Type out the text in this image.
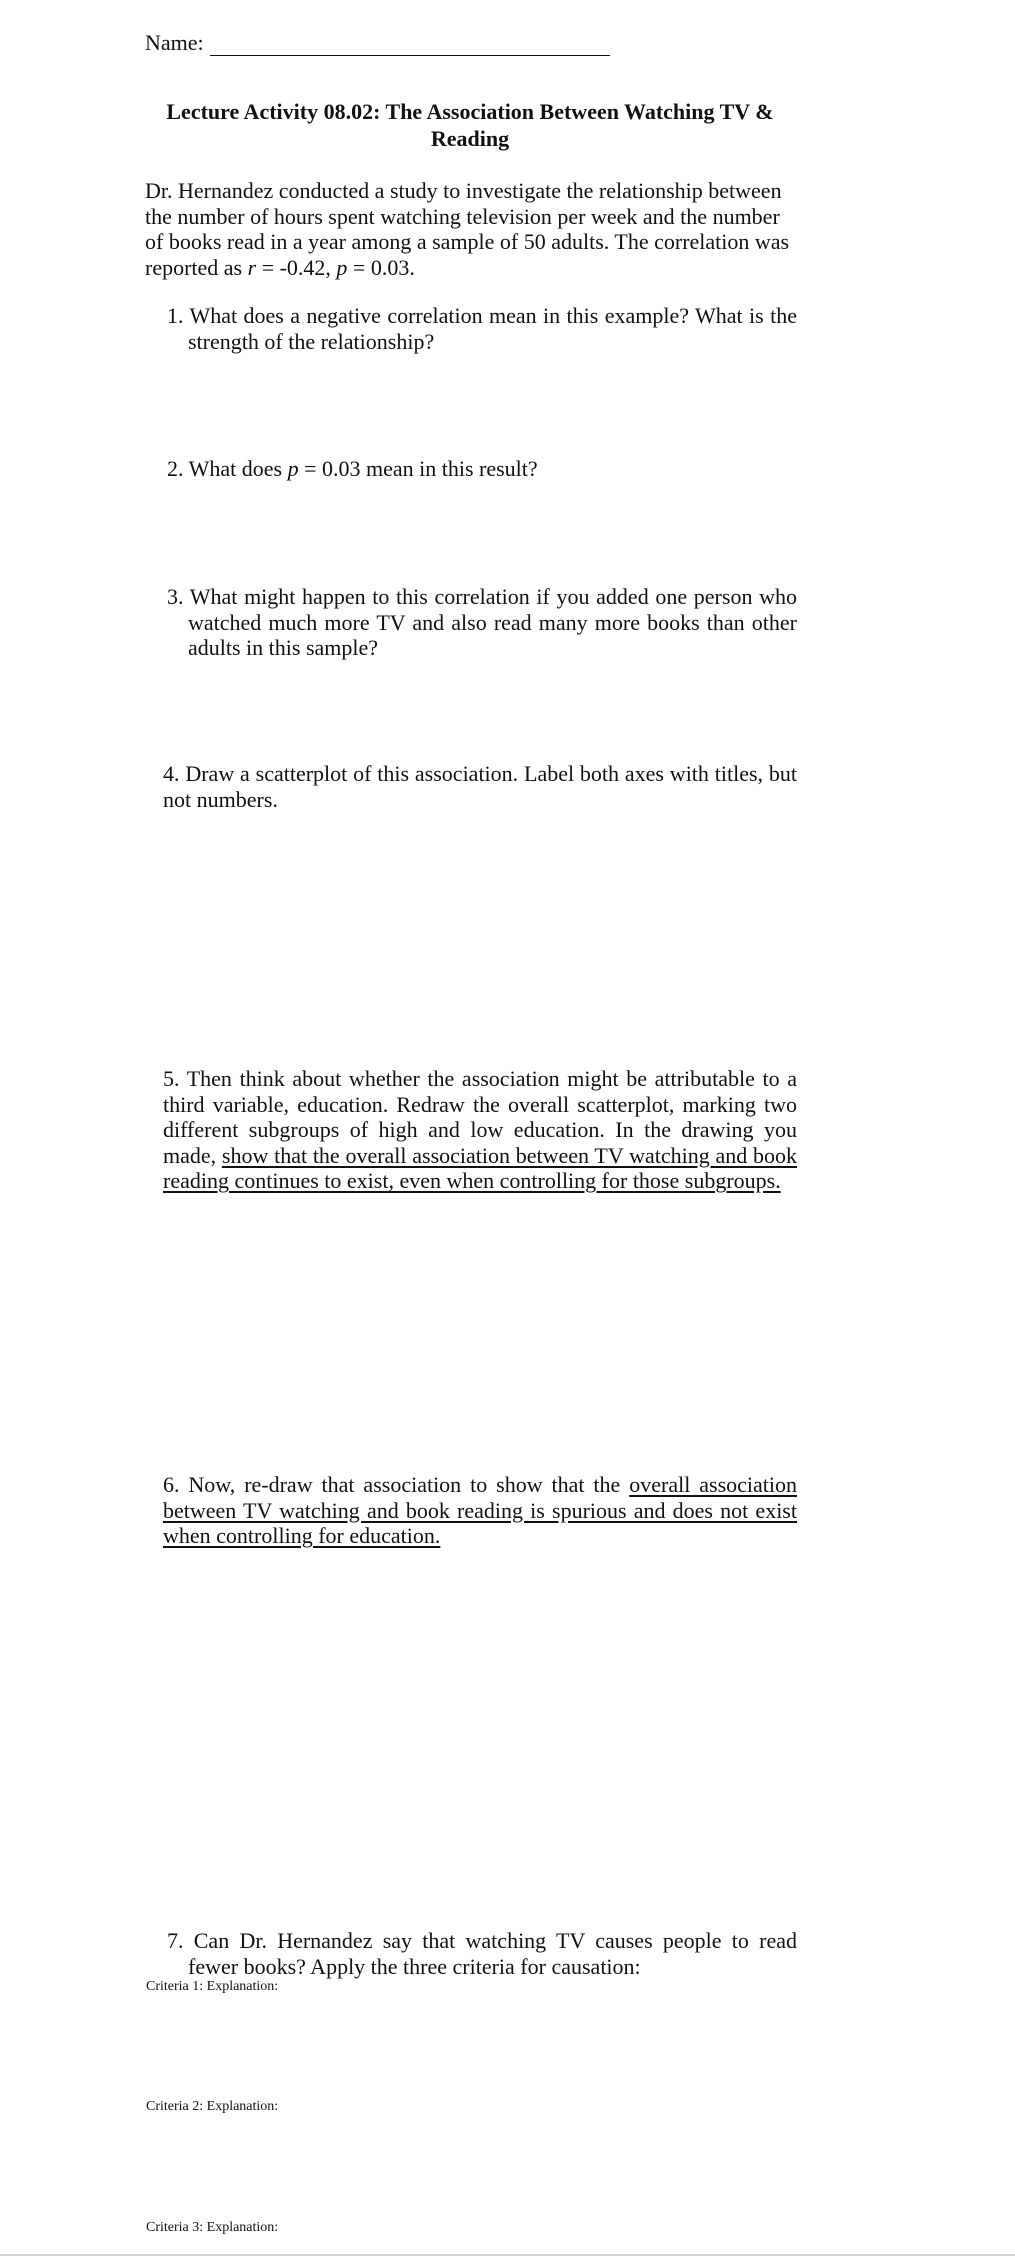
Name:
Lecture Activity 08.02: The Association Between Watching TV & Reading
Dr. Hernandez conducted a study to investigate the relationship between the number of hours spent watching television per week and the number of books read in a year among a sample of 50 adults. The correlation was reported as r = -0.42, p = 0.03.
1. What does a negative correlation mean in this example? What is the strength of the relationship?
2. What does p = 0.03 mean in this result?
3. What might happen to this correlation if you added one person who watched much more TV and also read many more books than other adults in this sample?
4. Draw a scatterplot of this association. Label both axes with titles, but not numbers.
5. Then think about whether the association might be attributable to a third variable, education. Redraw the overall scatterplot, marking two different subgroups of high and low education. In the drawing you made, show that the overall association between TV watching and book reading continues to exist, even when controlling for those subgroups.
6. Now, re-draw that association to show that the overall association between TV watching and book reading is spurious and does not exist when controlling for education.
7. Can Dr. Hernandez say that watching TV causes people to read fewer books? Apply the three criteria for causation:
Criteria 1: Explanation:
Criteria 2: Explanation:
Criteria 3: Explanation:
